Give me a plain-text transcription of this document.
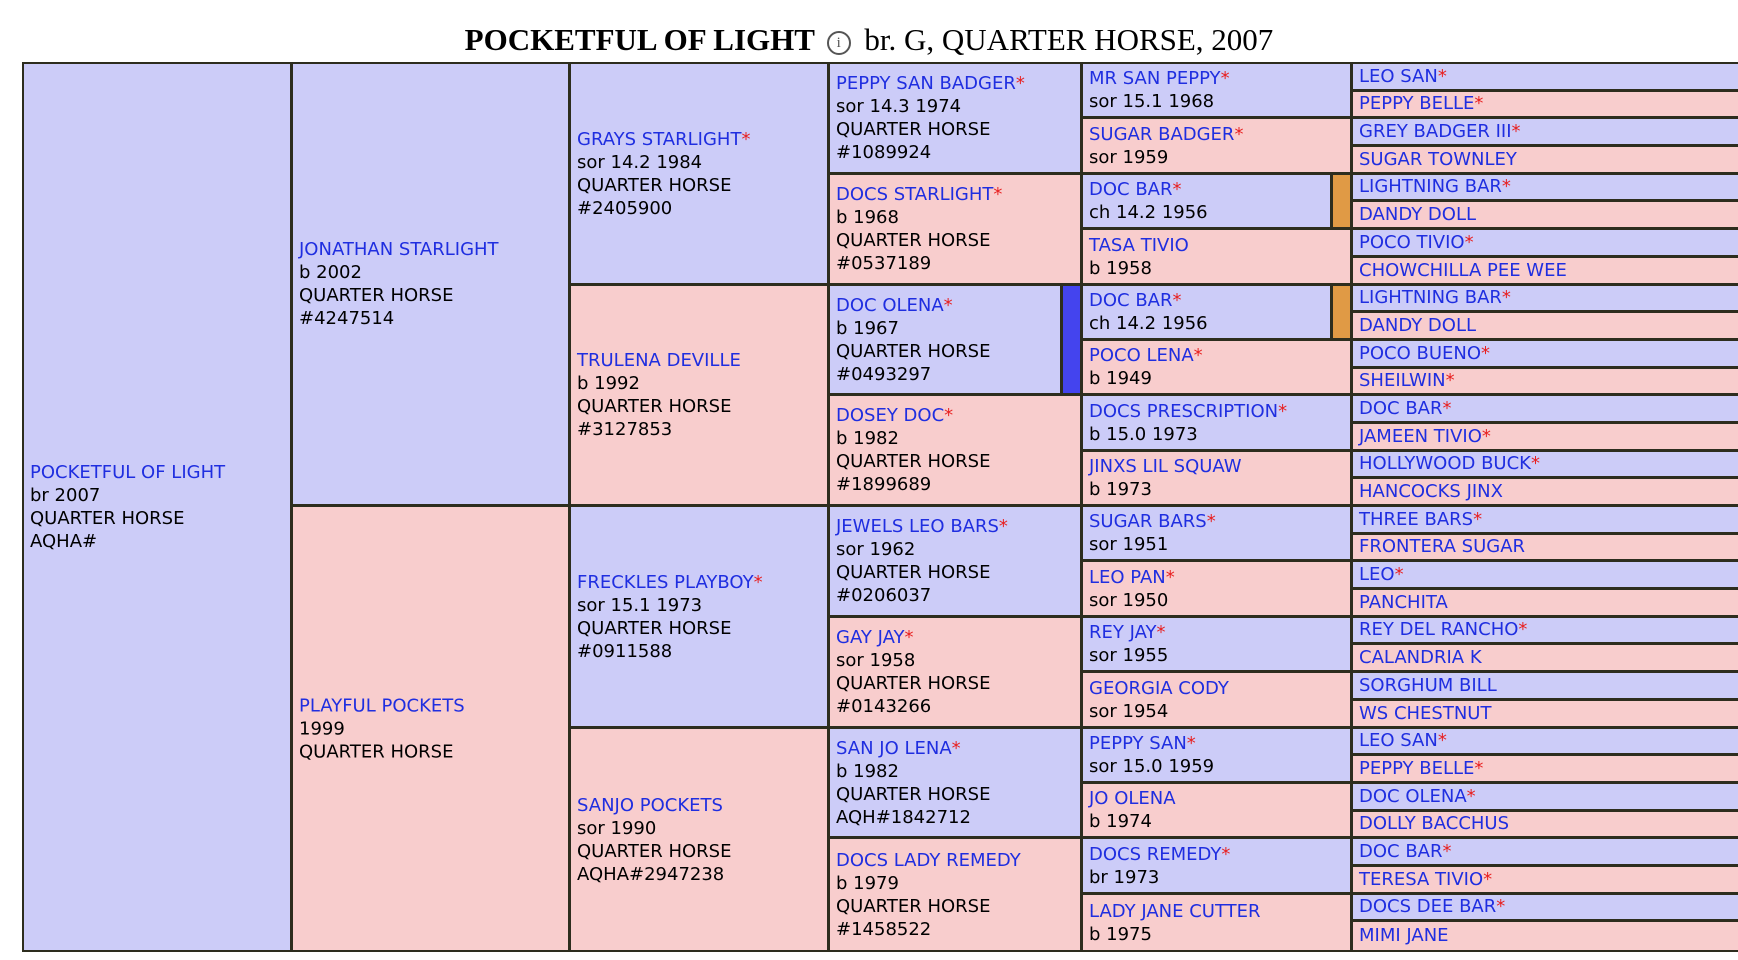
POCKETFUL OF LIGHT i br. G, QUARTER HORSE, 2007
POCKETFUL OF LIGHT
br 2007
QUARTER HORSE
AQHA#
JONATHAN STARLIGHT
b 2002
QUARTER HORSE
#4247514
PLAYFUL POCKETS
1999
QUARTER HORSE
GRAYS STARLIGHT*
sor 14.2 1984
QUARTER HORSE
#2405900
TRULENA DEVILLE
b 1992
QUARTER HORSE
#3127853
FRECKLES PLAYBOY*
sor 15.1 1973
QUARTER HORSE
#0911588
SANJO POCKETS
sor 1990
QUARTER HORSE
AQHA#2947238
PEPPY SAN BADGER*
sor 14.3 1974
QUARTER HORSE
#1089924
DOCS STARLIGHT*
b 1968
QUARTER HORSE
#0537189
DOC OLENA*
b 1967
QUARTER HORSE
#0493297
DOSEY DOC*
b 1982
QUARTER HORSE
#1899689
JEWELS LEO BARS*
sor 1962
QUARTER HORSE
#0206037
GAY JAY*
sor 1958
QUARTER HORSE
#0143266
SAN JO LENA*
b 1982
QUARTER HORSE
AQH#1842712
DOCS LADY REMEDY
b 1979
QUARTER HORSE
#1458522
MR SAN PEPPY*
sor 15.1 1968
SUGAR BADGER*
sor 1959
DOC BAR*
ch 14.2 1956
TASA TIVIO
b 1958
DOC BAR*
ch 14.2 1956
POCO LENA*
b 1949
DOCS PRESCRIPTION*
b 15.0 1973
JINXS LIL SQUAW
b 1973
SUGAR BARS*
sor 1951
LEO PAN*
sor 1950
REY JAY*
sor 1955
GEORGIA CODY
sor 1954
PEPPY SAN*
sor 15.0 1959
JO OLENA
b 1974
DOCS REMEDY*
br 1973
LADY JANE CUTTER
b 1975
LEO SAN*
PEPPY BELLE*
GREY BADGER III*
SUGAR TOWNLEY
LIGHTNING BAR*
DANDY DOLL
POCO TIVIO*
CHOWCHILLA PEE WEE
LIGHTNING BAR*
DANDY DOLL
POCO BUENO*
SHEILWIN*
DOC BAR*
JAMEEN TIVIO*
HOLLYWOOD BUCK*
HANCOCKS JINX
THREE BARS*
FRONTERA SUGAR
LEO*
PANCHITA
REY DEL RANCHO*
CALANDRIA K
SORGHUM BILL
WS CHESTNUT
LEO SAN*
PEPPY BELLE*
DOC OLENA*
DOLLY BACCHUS
DOC BAR*
TERESA TIVIO*
DOCS DEE BAR*
MIMI JANE
